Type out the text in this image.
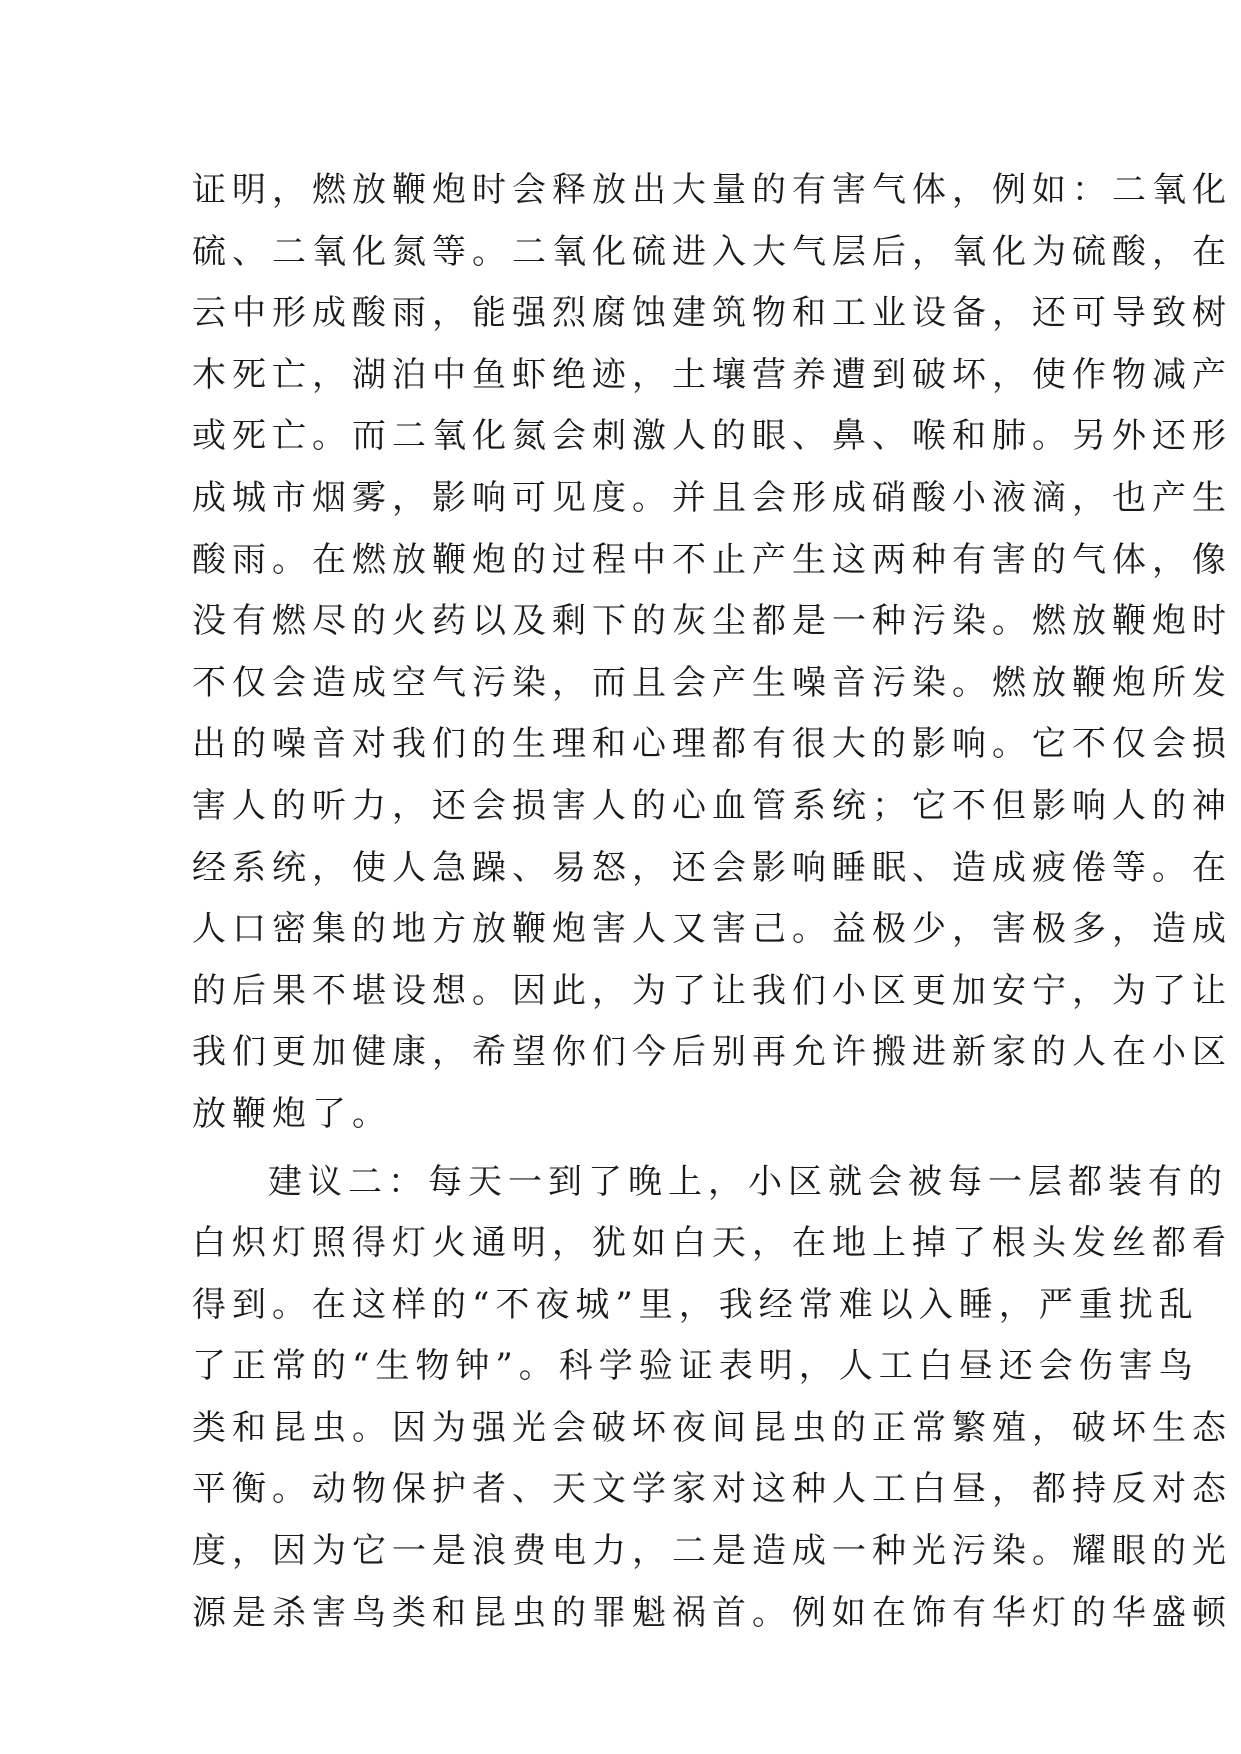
证明，燃放鞭炮时会释放出大量的有害气体，例如：二氧化
硫、二氧化氮等。二氧化硫进入大气层后，氧化为硫酸，在
云中形成酸雨，能强烈腐蚀建筑物和工业设备，还可导致树
木死亡，湖泊中鱼虾绝迹，土壤营养遭到破坏，使作物减产
或死亡。而二氧化氮会刺激人的眼、鼻、喉和肺。另外还形
成城市烟雾，影响可见度。并且会形成硝酸小液滴，也产生
酸雨。在燃放鞭炮的过程中不止产生这两种有害的气体，像
没有燃尽的火药以及剩下的灰尘都是一种污染。燃放鞭炮时
不仅会造成空气污染，而且会产生噪音污染。燃放鞭炮所发
出的噪音对我们的生理和心理都有很大的影响。它不仅会损
害人的听力，还会损害人的心血管系统；它不但影响人的神
经系统，使人急躁、易怒，还会影响睡眠、造成疲倦等。在
人口密集的地方放鞭炮害人又害己。益极少，害极多，造成
的后果不堪设想。因此，为了让我们小区更加安宁，为了让
我们更加健康，希望你们今后别再允许搬进新家的人在小区
放鞭炮了。
建议二：每天一到了晚上，小区就会被每一层都装有的
白炽灯照得灯火通明，犹如白天，在地上掉了根头发丝都看
得到。在这样的“不夜城”里，我经常难以入睡，严重扰乱
了正常的“生物钟”。科学验证表明，人工白昼还会伤害鸟
类和昆虫。因为强光会破坏夜间昆虫的正常繁殖，破坏生态
平衡。动物保护者、天文学家对这种人工白昼，都持反对态
度，因为它一是浪费电力，二是造成一种光污染。耀眼的光
源是杀害鸟类和昆虫的罪魁祸首。例如在饰有华灯的华盛顿
